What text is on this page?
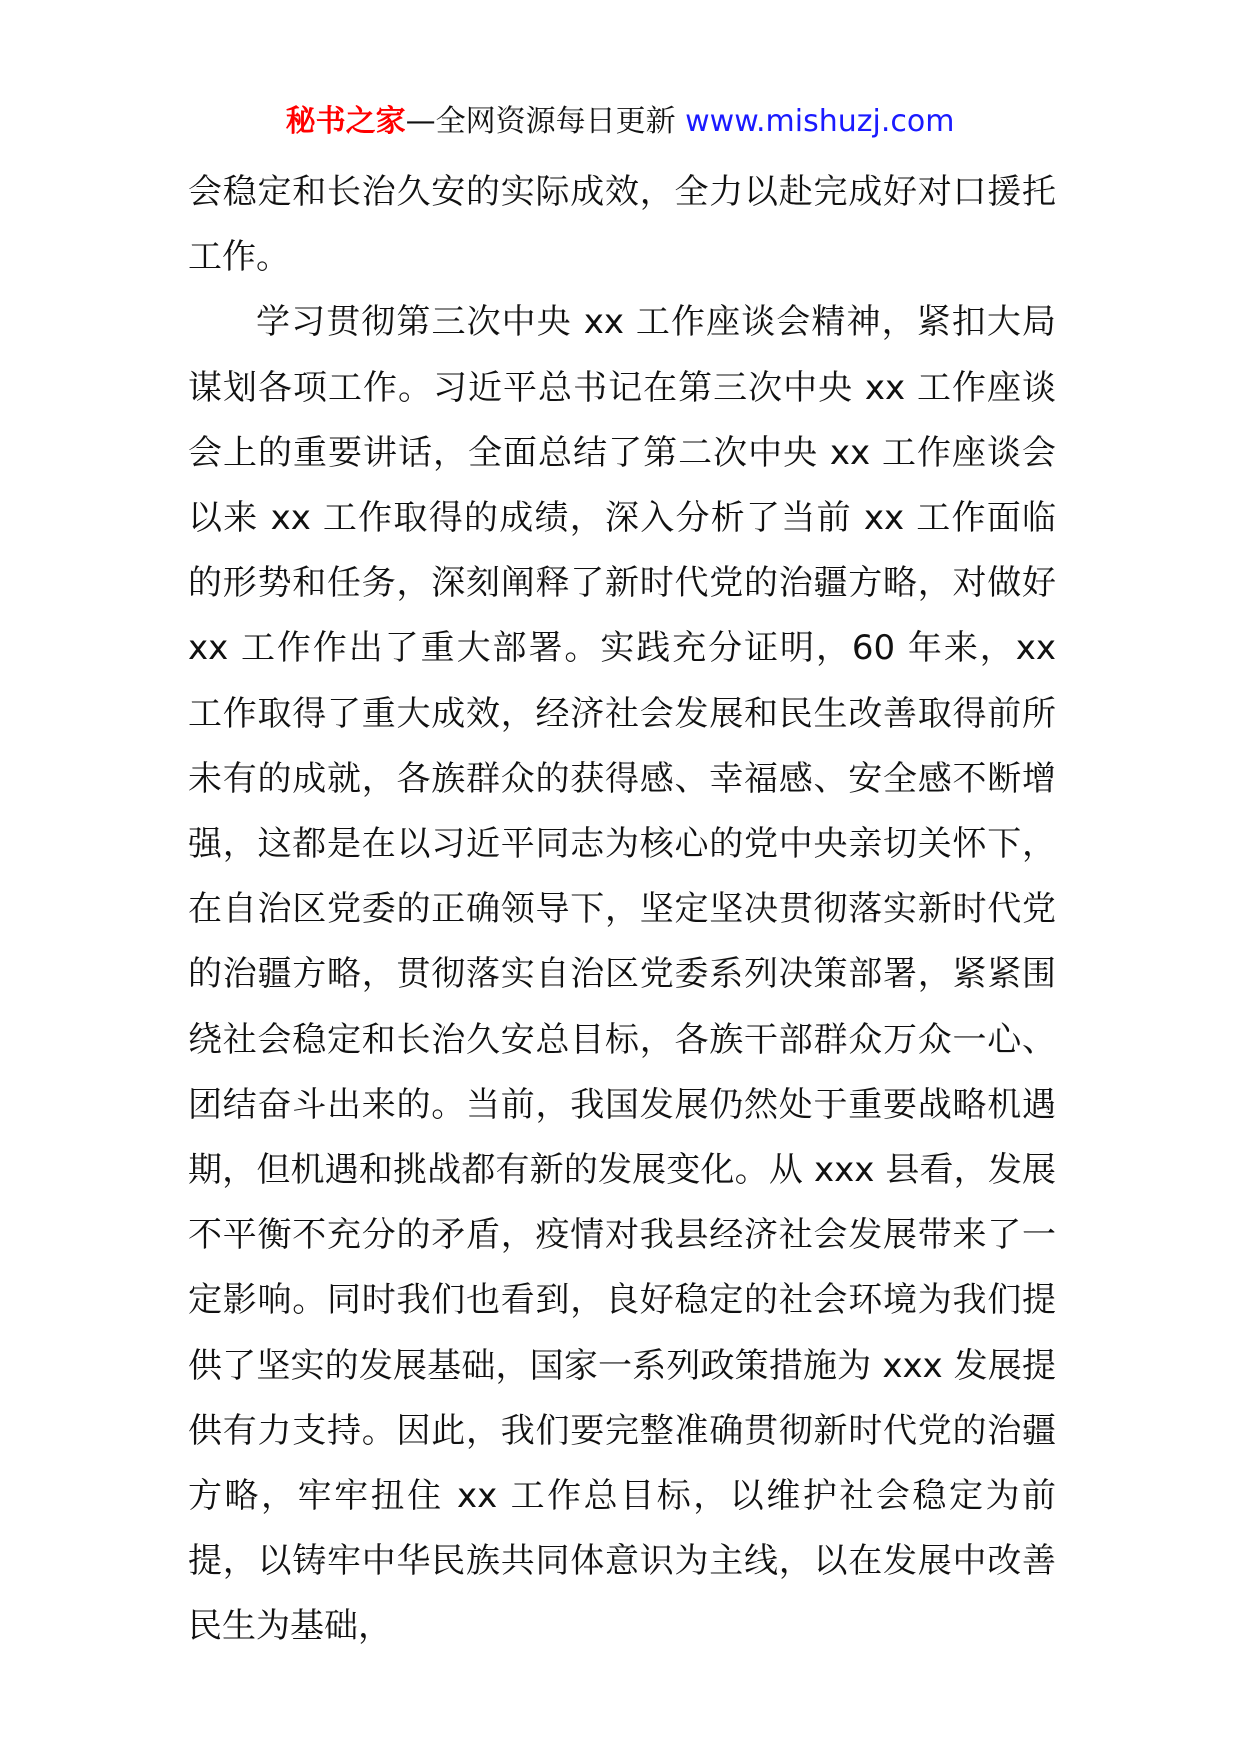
秘书之家—全网资源每日更新 www.mishuzj.com

会稳定和长治久安的实际成效，全力以赴完成好对口援托工作。

学习贯彻第三次中央 xx 工作座谈会精神，紧扣大局谋划各项工作。习近平总书记在第三次中央 xx 工作座谈会上的重要讲话，全面总结了第二次中央 xx 工作座谈会以来 xx 工作取得的成绩，深入分析了当前 xx 工作面临的形势和任务，深刻阐释了新时代党的治疆方略，对做好 xx 工作作出了重大部署。实践充分证明，60 年来，xx 工作取得了重大成效，经济社会发展和民生改善取得前所未有的成就，各族群众的获得感、幸福感、安全感不断增强，这都是在以习近平同志为核心的党中央亲切关怀下，在自治区党委的正确领导下，坚定坚决贯彻落实新时代党的治疆方略，贯彻落实自治区党委系列决策部署，紧紧围绕社会稳定和长治久安总目标，各族干部群众万众一心、团结奋斗出来的。当前，我国发展仍然处于重要战略机遇期，但机遇和挑战都有新的发展变化。从 xxx 县看，发展不平衡不充分的矛盾，疫情对我县经济社会发展带来了一定影响。同时我们也看到，良好稳定的社会环境为我们提供了坚实的发展基础，国家一系列政策措施为 xxx 发展提供有力支持。因此，我们要完整准确贯彻新时代党的治疆方略，牢牢扭住 xx 工作总目标，以维护社会稳定为前提，以铸牢中华民族共同体意识为主线，以在发展中改善民生为基础，
